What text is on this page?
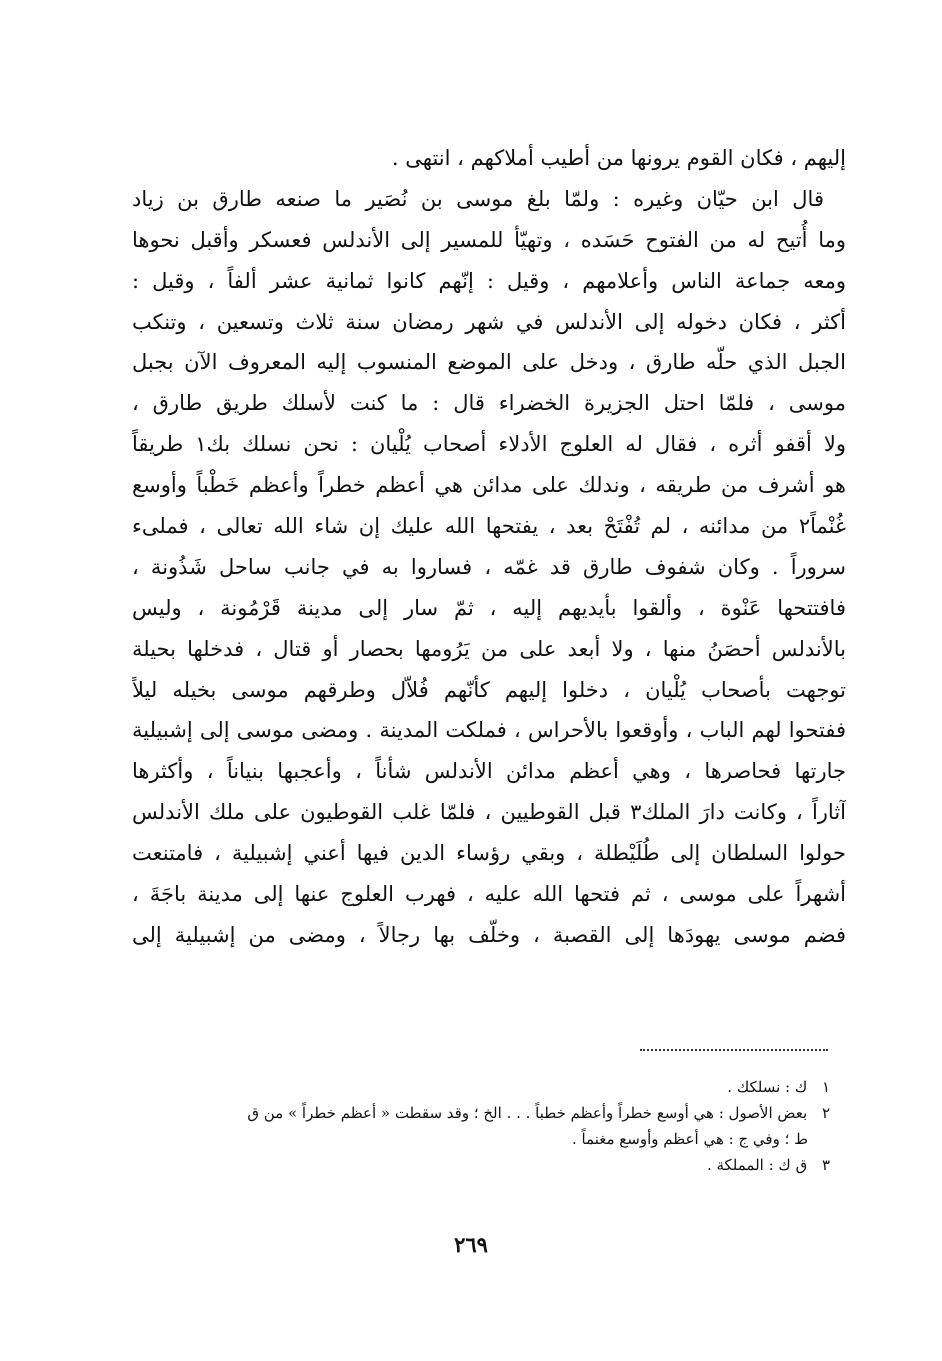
إليهم ، فكان القوم يرونها من أطيب أملاكهم ، انتهى .
قال ابن حيّان وغيره : ولمّا بلغ موسى بن نُصَير ما صنعه طارق بن زياد
وما أُتيح له من الفتوح حَسَده ، وتهيّأ للمسير إلى الأندلس فعسكر وأقبل نحوها
ومعه جماعة الناس وأعلامهم ، وقيل : إنّهم كانوا ثمانية عشر ألفاً ، وقيل :
أكثر ، فكان دخوله إلى الأندلس في شهر رمضان سنة ثلاث وتسعين ، وتنكب
الجبل الذي حلّه طارق ، ودخل على الموضع المنسوب إليه المعروف الآن بجبل
موسى ، فلمّا احتل الجزيرة الخضراء قال : ما كنت لأسلك طريق طارق ،
ولا أقفو أثره ، فقال له العلوج الأدلاء أصحاب يُلْيان : نحن نسلك بك١ طريقاً
هو أشرف من طريقه ، وندلك على مدائن هي أعظم خطراً وأعظم خَطْباً وأوسع
غُنْماً٢ من مدائنه ، لم تُفْتَحْ بعد ، يفتحها الله عليك إن شاء الله تعالى ، فملىء
سروراً . وكان شفوف طارق قد غمّه ، فساروا به في جانب ساحل شَذُونة ،
فافتتحها عَنْوة ، وألقوا بأيديهم إليه ، ثمّ سار إلى مدينة قَرْمُونة ، وليس
بالأندلس أحصَنُ منها ، ولا أبعد على من يَرُومها بحصار أو قتال ، فدخلها بحيلة
توجهت بأصحاب يُلْيان ، دخلوا إليهم كأنّهم فُلاّل وطرقهم موسى بخيله ليلاً
ففتحوا لهم الباب ، وأوقعوا بالأحراس ، فملكت المدينة . ومضى موسى إلى إشبيلية
جارتها فحاصرها ، وهي أعظم مدائن الأندلس شأناً ، وأعجبها بنياناً ، وأكثرها
آثاراً ، وكانت دارَ الملك٣ قبل القوطيين ، فلمّا غلب القوطيون على ملك الأندلس
حولوا السلطان إلى طُلَيْطلة ، وبقي رؤساء الدين فيها أعني إشبيلية ، فامتنعت
أشهراً على موسى ، ثم فتحها الله عليه ، فهرب العلوج عنها إلى مدينة باجَةَ ،
فضم موسى يهودَها إلى القصبة ، وخلّف بها رجالاً ، ومضى من إشبيلية إلى
١ ك : نسلكك .
٢ بعض الأصول : هي أوسع خطراً وأعظم خطباً . . . الخ ؛ وقد سقطت « أعظم خطراً » من ق
ط ؛ وفي ج : هي أعظم وأوسع مغنماً .
٣ ق ك : المملكة .
٢٦٩
